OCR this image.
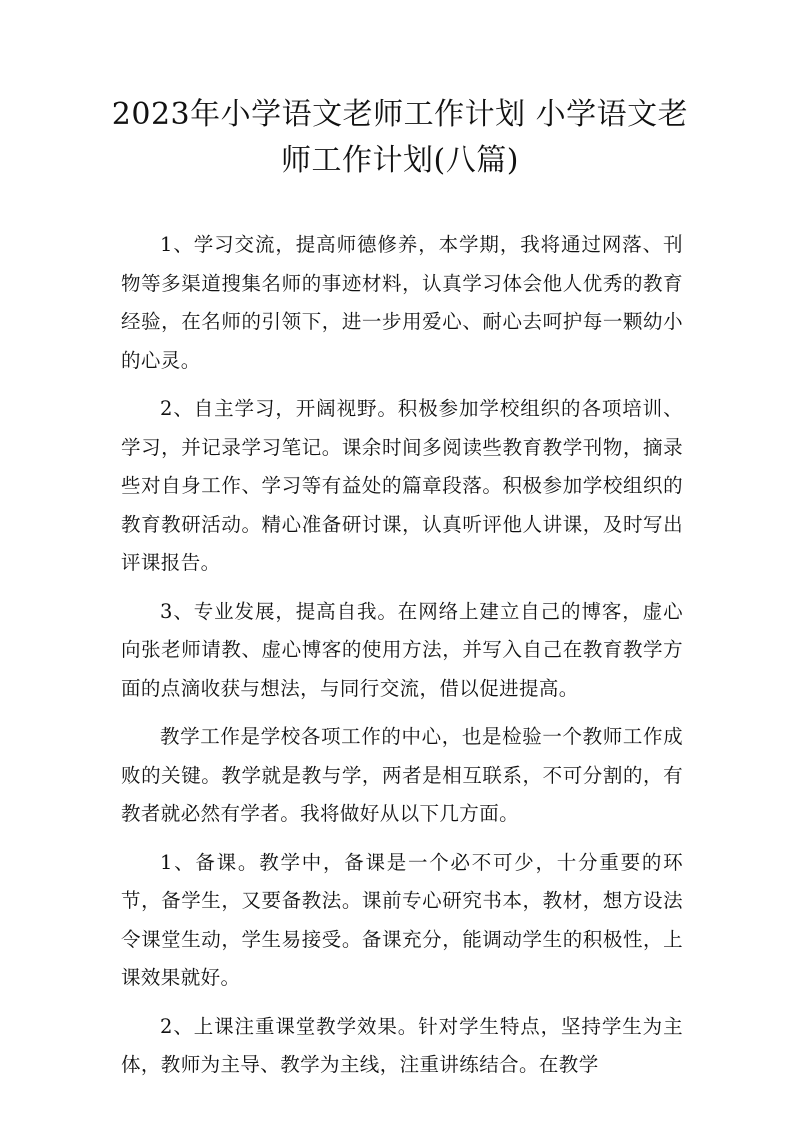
2023年小学语文老师工作计划 小学语文老
师工作计划(八篇)

1、学习交流，提高师德修养，本学期，我将通过网落、刊物等多渠道搜集名师的事迹材料，认真学习体会他人优秀的教育经验，在名师的引领下，进一步用爱心、耐心去呵护每一颗幼小的心灵。

2、自主学习，开阔视野。积极参加学校组织的各项培训、学习，并记录学习笔记。课余时间多阅读些教育教学刊物，摘录些对自身工作、学习等有益处的篇章段落。积极参加学校组织的教育教研活动。精心准备研讨课，认真听评他人讲课，及时写出评课报告。

3、专业发展，提高自我。在网络上建立自己的博客，虚心向张老师请教、虚心博客的使用方法，并写入自己在教育教学方面的点滴收获与想法，与同行交流，借以促进提高。

教学工作是学校各项工作的中心，也是检验一个教师工作成败的关键。教学就是教与学，两者是相互联系，不可分割的，有教者就必然有学者。我将做好从以下几方面。

1、备课。教学中，备课是一个必不可少，十分重要的环节，备学生，又要备教法。课前专心研究书本，教材，想方设法令课堂生动，学生易接受。备课充分，能调动学生的积极性，上课效果就好。

2、上课注重课堂教学效果。针对学生特点，坚持学生为主体，教师为主导、教学为主线，注重讲练结合。在教学
